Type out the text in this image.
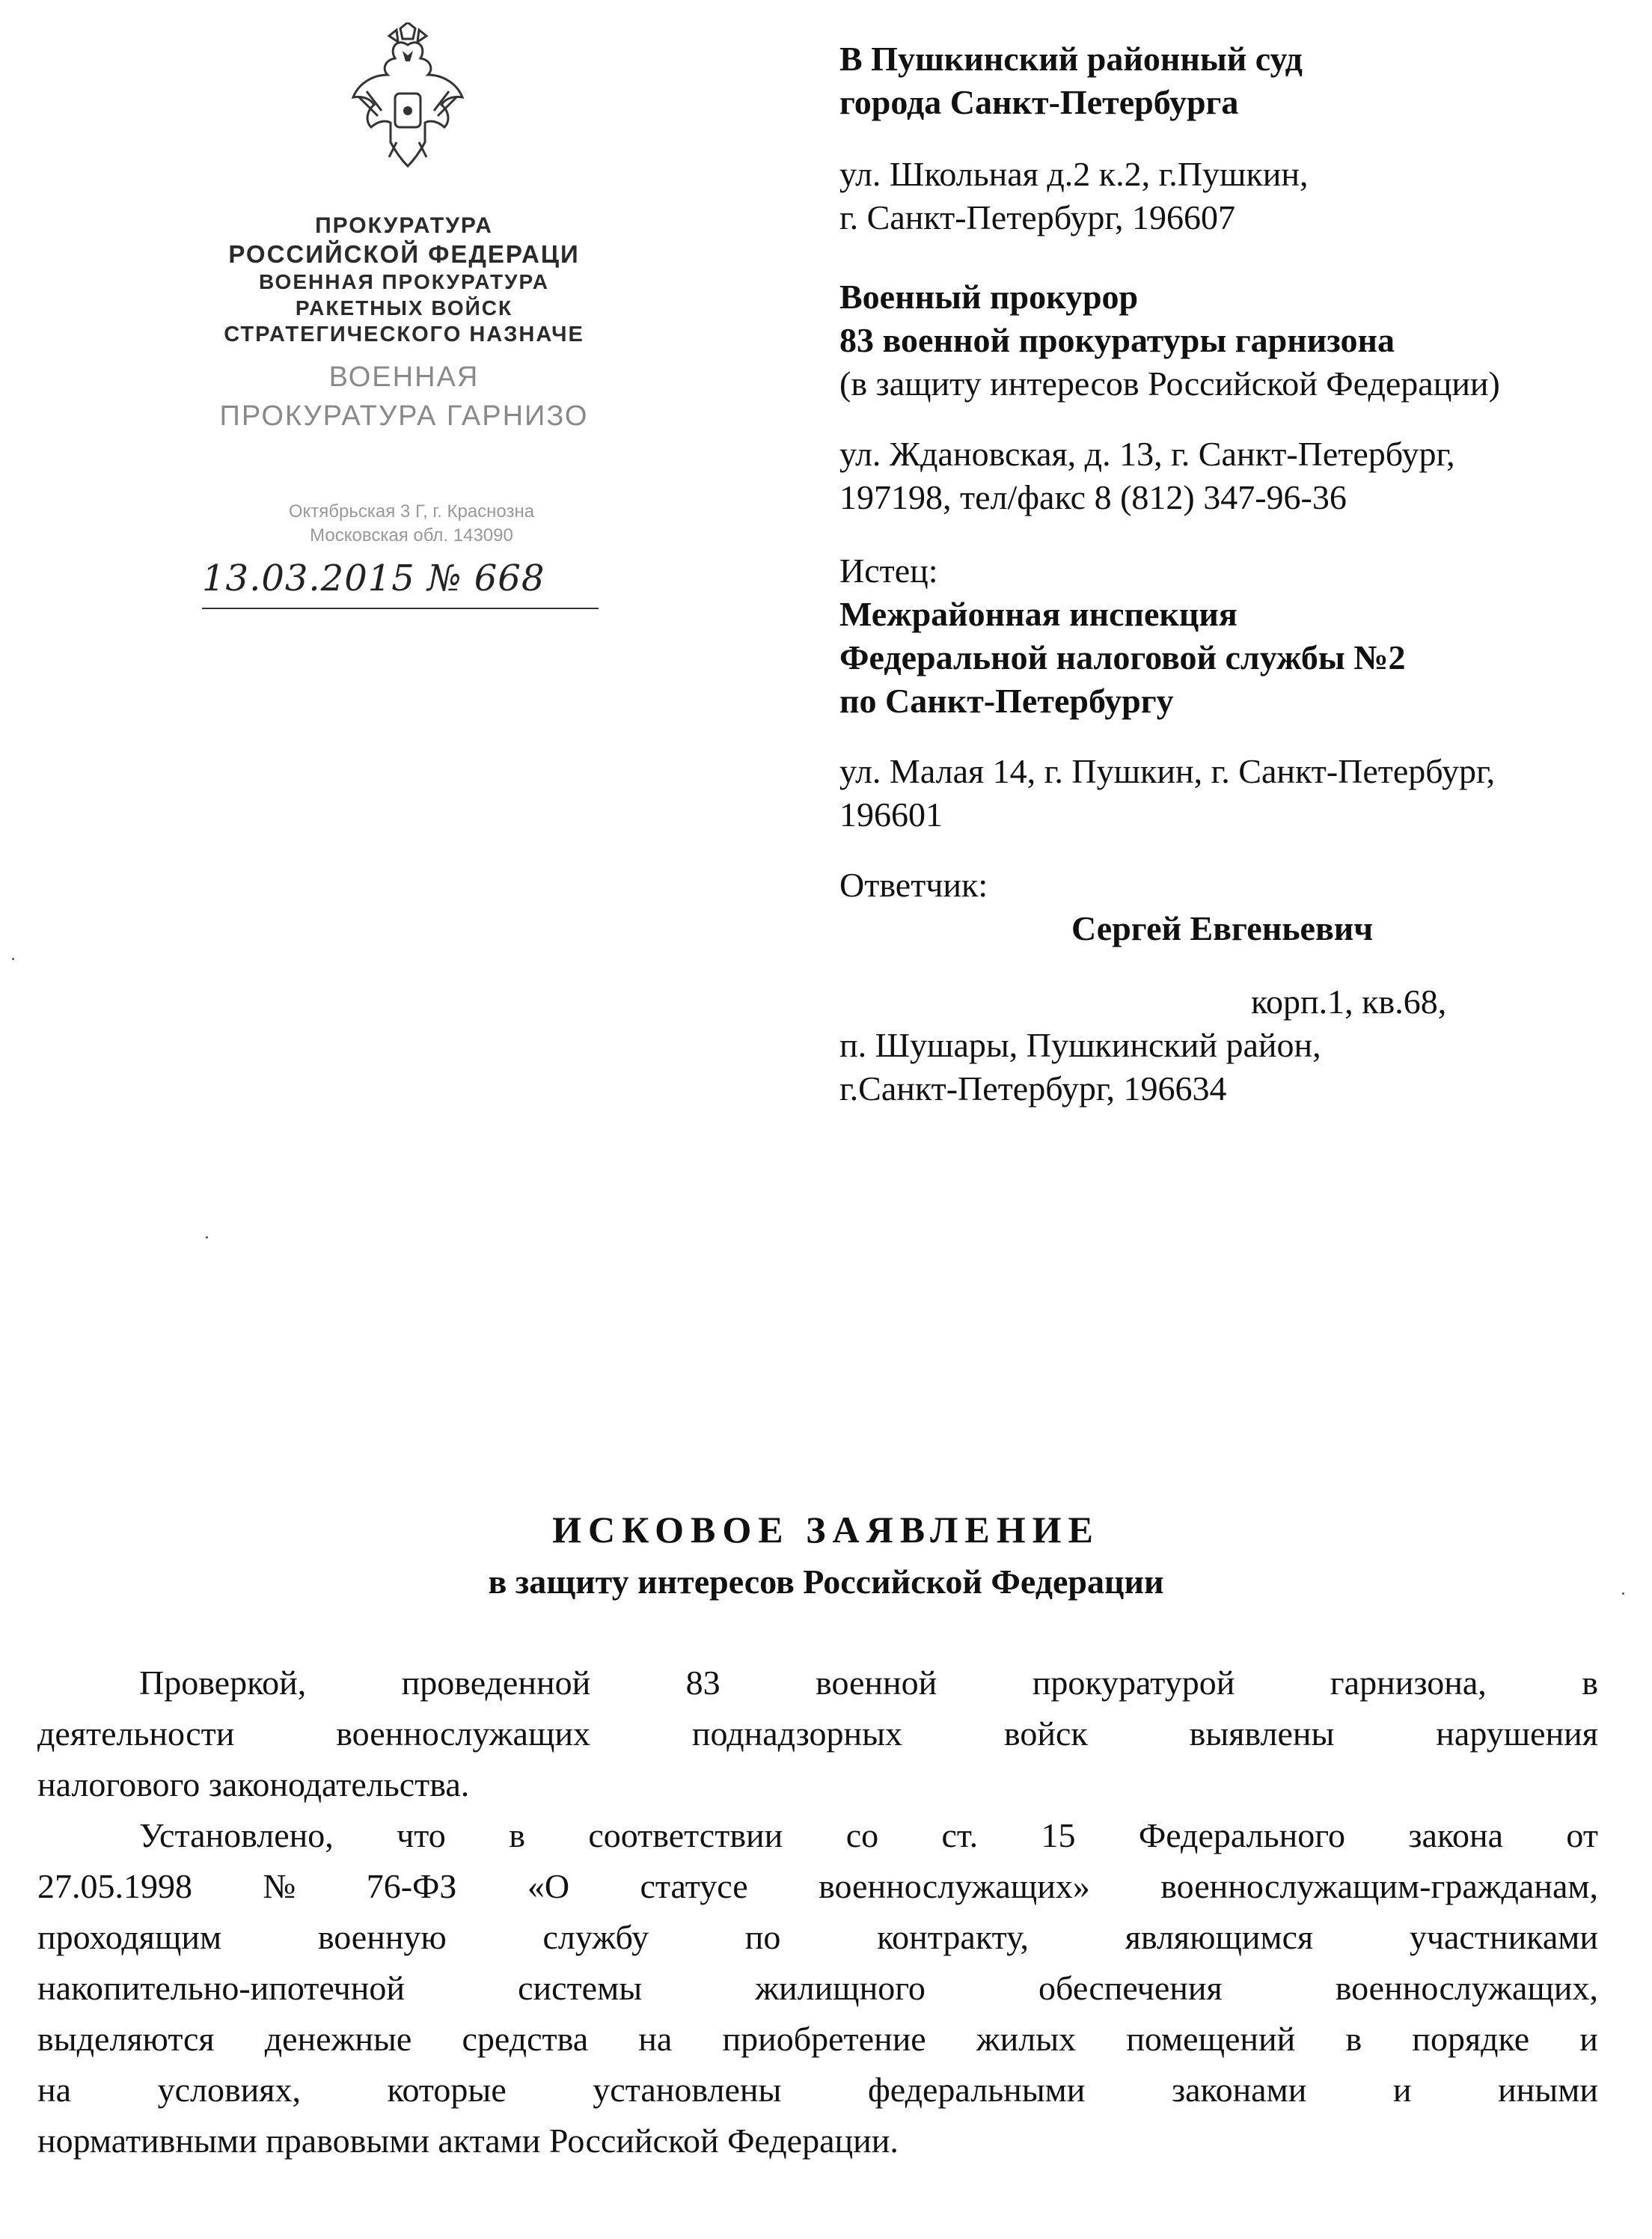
ПРОКУРАТУРА
РОССИЙСКОЙ ФЕДЕРАЦИ
ВОЕННАЯ ПРОКУРАТУРА
РАКЕТНЫХ ВОЙСК
СТРАТЕГИЧЕСКОГО НАЗНАЧЕ
ВОЕННАЯ
ПРОКУРАТУРА ГАРНИЗО
Октябрьская 3 Г, г. Краснозна
Московская обл. 143090
13.03.2015 № 668

В Пушкинский районный суд

города Санкт-Петербурга

ул. Школьная д.2 к.2, г.Пушкин,

г. Санкт-Петербург, 196607

Военный прокурор

83 военной прокуратуры гарнизона

(в защиту интересов Российской Федерации)

ул. Ждановская, д. 13, г. Санкт-Петербург,

197198, тел/факс 8 (812) 347-96-36

Истец:

Межрайонная инспекция

Федеральной налоговой службы №2

по Санкт-Петербургу

ул. Малая 14, г. Пушкин, г. Санкт-Петербург,

196601

Ответчик:

Сергей Евгеньевич

корп.1, кв.68,

п. Шушары, Пушкинский район,

г.Санкт-Петербург, 196634

ИСКОВОЕ ЗАЯВЛЕНИЕ
в защиту интересов Российской Федерации
Проверкой,	проведенной	83	военной	прокуратурой	гарнизона,	в
деятельности	военнослужащих	поднадзорных	войск	выявлены	нарушения
налогового законодательства.
Установлено, что в соответствии со ст. 15 Федерального закона от
27.05.1998 № 76-ФЗ «О статусе военнослужащих» военнослужащим-гражданам,
проходящим	военную	службу	по	контракту,	являющимся	участниками
накопительно-ипотечной	системы	жилищного	обеспечения	военнослужащих,
выделяются денежные средства на приобретение жилых помещений в порядке и
на	условиях,	которые	установлены	федеральными	законами	и	иными
нормативными правовыми актами Российской Федерации.
